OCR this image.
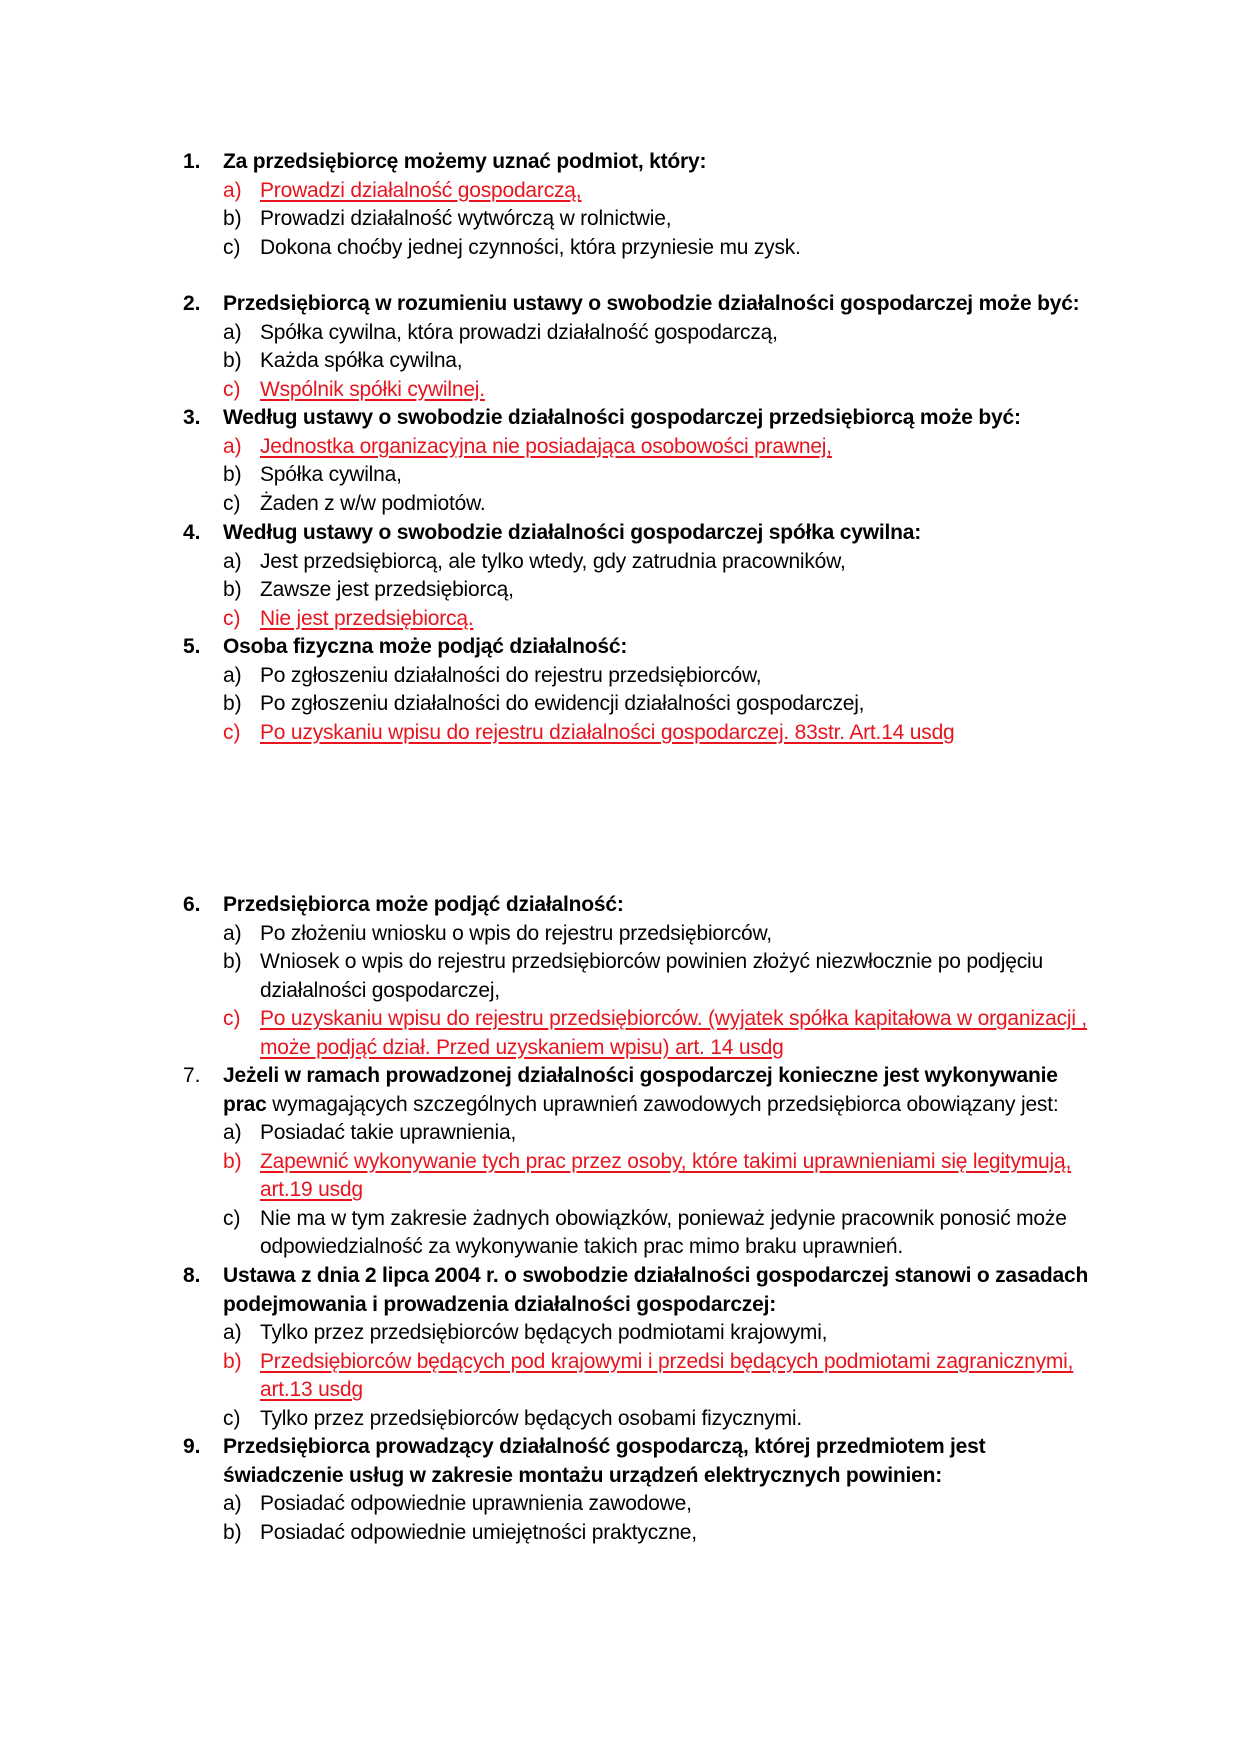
1. Za przedsiębiorcę możemy uznać podmiot, który:
a) Prowadzi działalność gospodarczą,
b) Prowadzi działalność wytwórczą w rolnictwie,
c) Dokona choćby jednej czynności, która przyniesie mu zysk.
2. Przedsiębiorcą w rozumieniu ustawy o swobodzie działalności gospodarczej może być:
a) Spółka cywilna, która prowadzi działalność gospodarczą,
b) Każda spółka cywilna,
c) Wspólnik spółki cywilnej.
3. Według ustawy o swobodzie działalności gospodarczej przedsiębiorcą może być:
a) Jednostka organizacyjna nie posiadająca osobowości prawnej,
b) Spółka cywilna,
c) Żaden z w/w podmiotów.
4. Według ustawy o swobodzie działalności gospodarczej spółka cywilna:
a) Jest przedsiębiorcą, ale tylko wtedy, gdy zatrudnia pracowników,
b) Zawsze jest przedsiębiorcą,
c) Nie jest przedsiębiorcą.
5. Osoba fizyczna może podjąć działalność:
a) Po zgłoszeniu działalności do rejestru przedsiębiorców,
b) Po zgłoszeniu działalności do ewidencji działalności gospodarczej,
c) Po uzyskaniu wpisu do rejestru działalności gospodarczej. 83str. Art.14 usdg
6. Przedsiębiorca może podjąć działalność:
a) Po złożeniu wniosku o wpis do rejestru przedsiębiorców,
b) Wniosek o wpis do rejestru przedsiębiorców powinien złożyć niezwłocznie po podjęciu
działalności gospodarczej,
c) Po uzyskaniu wpisu do rejestru przedsiębiorców. (wyjatek spółka kapitałowa w organizacji ,
może podjąć dział. Przed uzyskaniem wpisu) art. 14 usdg
7. Jeżeli w ramach prowadzonej działalności gospodarczej konieczne jest wykonywanie
prac wymagających szczególnych uprawnień zawodowych przedsiębiorca obowiązany jest:
a) Posiadać takie uprawnienia,
b) Zapewnić wykonywanie tych prac przez osoby, które takimi uprawnieniami się legitymują,
art.19 usdg
c) Nie ma w tym zakresie żadnych obowiązków, ponieważ jedynie pracownik ponosić może
odpowiedzialność za wykonywanie takich prac mimo braku uprawnień.
8. Ustawa z dnia 2 lipca 2004 r. o swobodzie działalności gospodarczej stanowi o zasadach
podejmowania i prowadzenia działalności gospodarczej:
a) Tylko przez przedsiębiorców będących podmiotami krajowymi,
b) Przedsiębiorców będących pod krajowymi i przedsi będących podmiotami zagranicznymi,
art.13 usdg
c) Tylko przez przedsiębiorców będących osobami fizycznymi.
9. Przedsiębiorca prowadzący działalność gospodarczą, której przedmiotem jest
świadczenie usług w zakresie montażu urządzeń elektrycznych powinien:
a) Posiadać odpowiednie uprawnienia zawodowe,
b) Posiadać odpowiednie umiejętności praktyczne,
